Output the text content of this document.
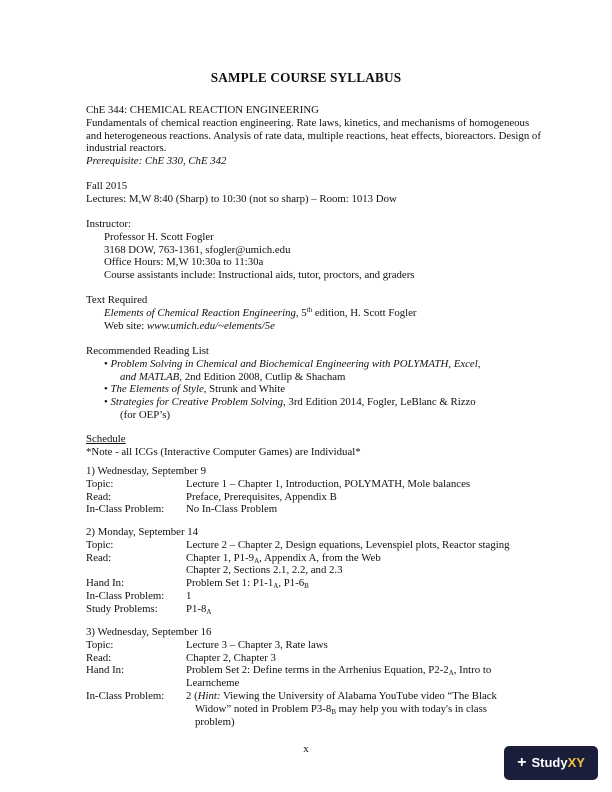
SAMPLE COURSE SYLLABUS
ChE 344: CHEMICAL REACTION ENGINEERING
Fundamentals of chemical reaction engineering. Rate laws, kinetics, and mechanisms of homogeneous and heterogeneous reactions. Analysis of rate data, multiple reactions, heat effects, bioreactors. Design of industrial reactors.
Prerequisite: ChE 330, ChE 342
Fall 2015
Lectures: M,W 8:40 (Sharp) to 10:30 (not so sharp) – Room: 1013 Dow
Instructor:
Professor H. Scott Fogler
3168 DOW, 763-1361, sfogler@umich.edu
Office Hours: M,W 10:30a to 11:30a
Course assistants include: Instructional aids, tutor, proctors, and graders
Text Required
Elements of Chemical Reaction Engineering, 5th edition, H. Scott Fogler
Web site: www.umich.edu/~elements/5e
Recommended Reading List
• Problem Solving in Chemical and Biochemical Engineering with POLYMATH, Excel,
and MATLAB, 2nd Edition 2008, Cutlip & Shacham
• The Elements of Style, Strunk and White
• Strategies for Creative Problem Solving, 3rd Edition 2014, Fogler, LeBlanc & Rizzo
(for OEP’s)
Schedule
*Note - all ICGs (Interactive Computer Games) are Individual*
1) Wednesday, September 9
Topic:	Lecture 1 – Chapter 1, Introduction, POLYMATH, Mole balances
Read:	Preface, Prerequisites, Appendix B
In-Class Problem:	No In-Class Problem
2) Monday, September 14
Topic:	Lecture 2 – Chapter 2, Design equations, Levenspiel plots, Reactor staging
Read:	Chapter 1, $P1-9_A$, Appendix A, from the Web
Chapter 2, Sections 2.1, 2.2, and 2.3
Hand In:	Problem Set 1: $P1-1_A$, $P1-6_B$
In-Class Problem:	1
Study Problems:	$P1-8_A$
3) Wednesday, September 16
Topic:	Lecture 3 – Chapter 3, Rate laws
Read:	Chapter 2, Chapter 3
Hand In:	Problem Set 2: Define terms in the Arrhenius Equation, $P2-2_A$, Intro to
Learncheme
In-Class Problem:	2 (Hint: Viewing the University of Alabama YouTube video “The Black
Widow” noted in Problem $P3-8_B$ may help you with today's in class
problem)
x
+ Study XY
